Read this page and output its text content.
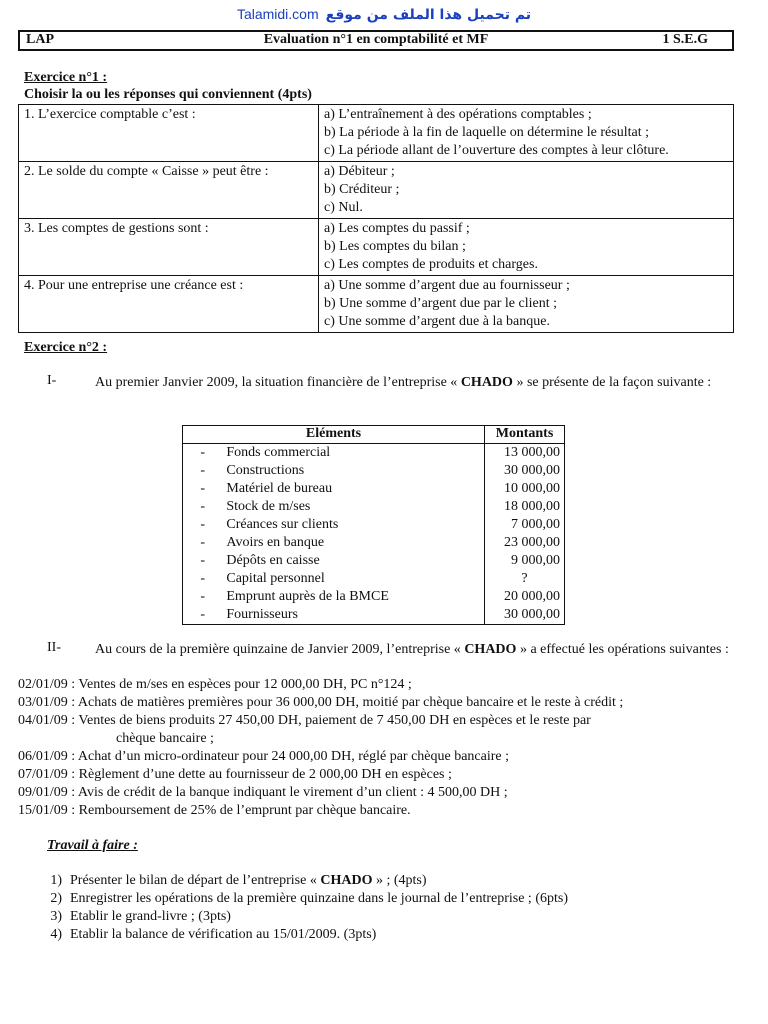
Talamidi.com تم تحميل هذا الملف من موقع
LAP	Evaluation n°1 en comptabilité et MF	1 S.E.G
Exercice n°1 :
Choisir la ou les réponses qui conviennent (4pts)
1. L’exercice comptable c’est :	a) L’entraînement à des opérations comptables ;
b) La période à la fin de laquelle on détermine le résultat ;
c) La période allant de l’ouverture des comptes à leur clôture.

2. Le solde du compte « Caisse » peut être :	a) Débiteur ;
b) Créditeur ;
c) Nul.

3. Les comptes de gestions sont :	a) Les comptes du passif ;
b) Les comptes du bilan ;
c) Les comptes de produits et charges.

4. Pour une entreprise une créance est :	a) Une somme d’argent due au fournisseur ;
b) Une somme d’argent due par le client ;
c) Une somme d’argent due à la banque.
Exercice n°2 :
I-	Au premier Janvier 2009, la situation financière de l’entreprise « CHADO » se présente de la façon suivante :
Eléments		Montants
-	Fonds commercial	13 000,00
-	Constructions	30 000,00
-	Matériel de bureau	10 000,00
-	Stock de m/ses	18 000,00
-	Créances sur clients	7 000,00
-	Avoirs en banque	23 000,00
-	Dépôts en caisse	9 000,00
-	Capital personnel	?
-	Emprunt auprès de la BMCE	20 000,00
-	Fournisseurs	30 000,00
II- Au cours de la première quinzaine de Janvier 2009, l’entreprise « CHADO » a effectué les opérations suivantes :
02/01/09 : Ventes de m/ses en espèces pour 12 000,00 DH, PC n°124 ;
03/01/09 : Achats de matières premières pour 36 000,00 DH, moitié par chèque bancaire et le reste à crédit ;
04/01/09 : Ventes de biens produits 27 450,00 DH, paiement de 7 450,00 DH en espèces et le reste par
chèque bancaire ;
06/01/09 : Achat d’un micro-ordinateur pour 24 000,00 DH, réglé par chèque bancaire ;
07/01/09 : Règlement d’une dette au fournisseur de 2 000,00 DH en espèces ;
09/01/09 : Avis de crédit de la banque indiquant le virement d’un client : 4 500,00 DH ;
15/01/09 : Remboursement de 25% de l’emprunt par chèque bancaire.
Travail à faire :
1) Présenter le bilan de départ de l’entreprise « CHADO » ; (4pts)
2) Enregistrer les opérations de la première quinzaine dans le journal de l’entreprise ; (6pts)
3) Etablir le grand-livre ; (3pts)
4) Etablir la balance de vérification au 15/01/2009. (3pts)
